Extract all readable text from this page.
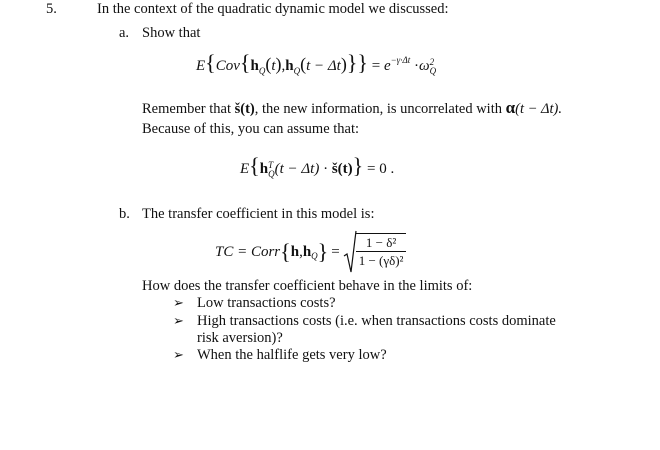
5.	In the context of the quadratic dynamic model we discussed:
a. Show that
$E\{Cov\{h_Q(t),h_Q(t - \Delta t)\}\} = e^{-\gamma\cdot\Delta t} \cdot\omega$ 2
Q
Remember that š(t), the new information, is uncorrelated with α(t − Δt).
Because of this, you can assume that:
E{h T
Q (t − Δt) · š(t)} = 0 .
b. The transfer coefficient in this model is:
TC = Corr { h , h Q } = $\frac{\text{1 − δ²}}{\text{1 − (γδ)²}}$
How does the transfer coefficient behave in the limits of:
➢ Low transactions costs?
➢ High transactions costs (i.e. when transactions costs dominate
risk aversion)?
➢ When the halflife gets very low?
